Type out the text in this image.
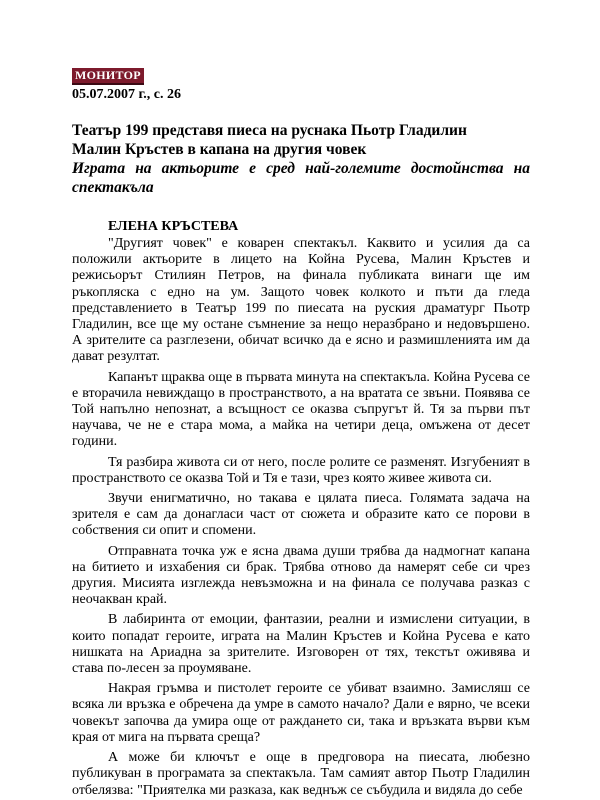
МОНИТОР
05.07.2007 г., с. 26
Театър 199 представя пиеса на руснака Пьотр Гладилин
Малин Кръстев в капана на другия човек
Играта на актьорите е сред най-големите достойнства на спектакъла
ЕЛЕНА КРЪСТЕВА

"Другият човек" е коварен спектакъл. Каквито и усилия да са положили актьорите в лицето на Койна Русева, Малин Кръстев и режисьорът Стилиян Петров, на финала публиката винаги ще им ръкопляска с едно на ум. Защото човек колкото и пъти да гледа представлението в Театър 199 по пиесата на руския драматург Пьотр Гладилин, все ще му остане съмнение за нещо неразбрано и недовършено. А зрителите са разглезени, обичат всичко да е ясно и размишленията им да дават резултат.

Капанът щраква още в първата минута на спектакъла. Койна Русева се е вторачила невиждащо в пространството, а на вратата се звъни. Появява се Той напълно непознат, а всъщност се оказва съпругът й. Тя за първи път научава, че не е стара мома, а майка на четири деца, омъжена от десет години.

Тя разбира живота си от него, после ролите се разменят. Изгубеният в пространството се оказва Той и Тя е тази, чрез която живее живота си.

Звучи енигматично, но такава е цялата пиеса. Голямата задача на зрителя е сам да донагласи част от сюжета и образите като се порови в собствения си опит и спомени.

Отправната точка уж е ясна двама души трябва да надмогнат капана на битието и изхабения си брак. Трябва отново да намерят себе си чрез другия. Мисията изглежда невъзможна и на финала се получава разказ с неочакван край.

В лабиринта от емоции, фантазии, реални и измислени ситуации, в които попадат героите, играта на Малин Кръстев и Койна Русева е като нишката на Ариадна за зрителите. Изговорен от тях, текстът оживява и става по-лесен за проумяване.

Накрая гръмва и пистолет героите се убиват взаимно. Замисляш се всяка ли връзка е обречена да умре в самото начало? Дали е вярно, че всеки човекът започва да умира още от раждането си, така и връзката върви към края от мига на първата среща?

А може би ключът е още в предговора на пиесата, любезно публикуван в програмата за спектакъла. Там самият автор Пьотр Гладилин отбелязва: "Приятелка ми разказа, как веднъж се събудила и видяла до себе
